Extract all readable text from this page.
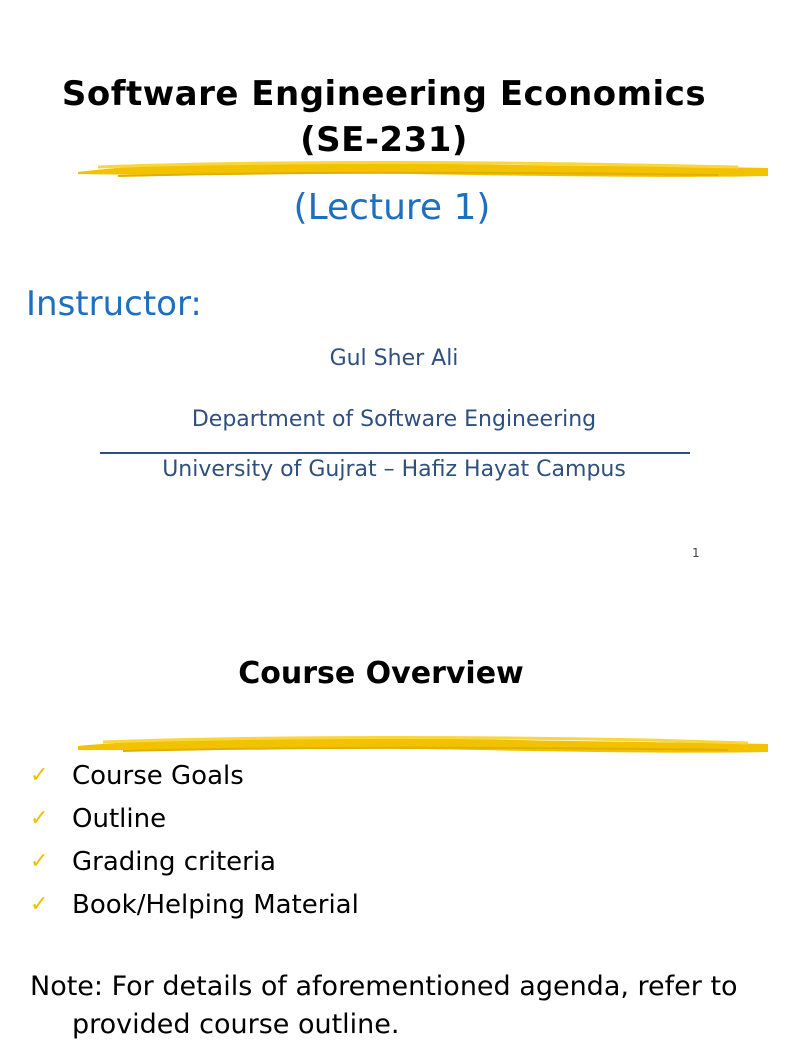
Software Engineering Economics
(SE-231)
(Lecture 1)
Instructor:
Gul Sher Ali
Department of Software Engineering
University of Gujrat – Hafiz Hayat Campus
1
Course Overview
✓ Course Goals
✓ Outline
✓ Grading criteria
✓ Book/Helping Material
Note: For details of aforementioned agenda, refer to
provided course outline.
